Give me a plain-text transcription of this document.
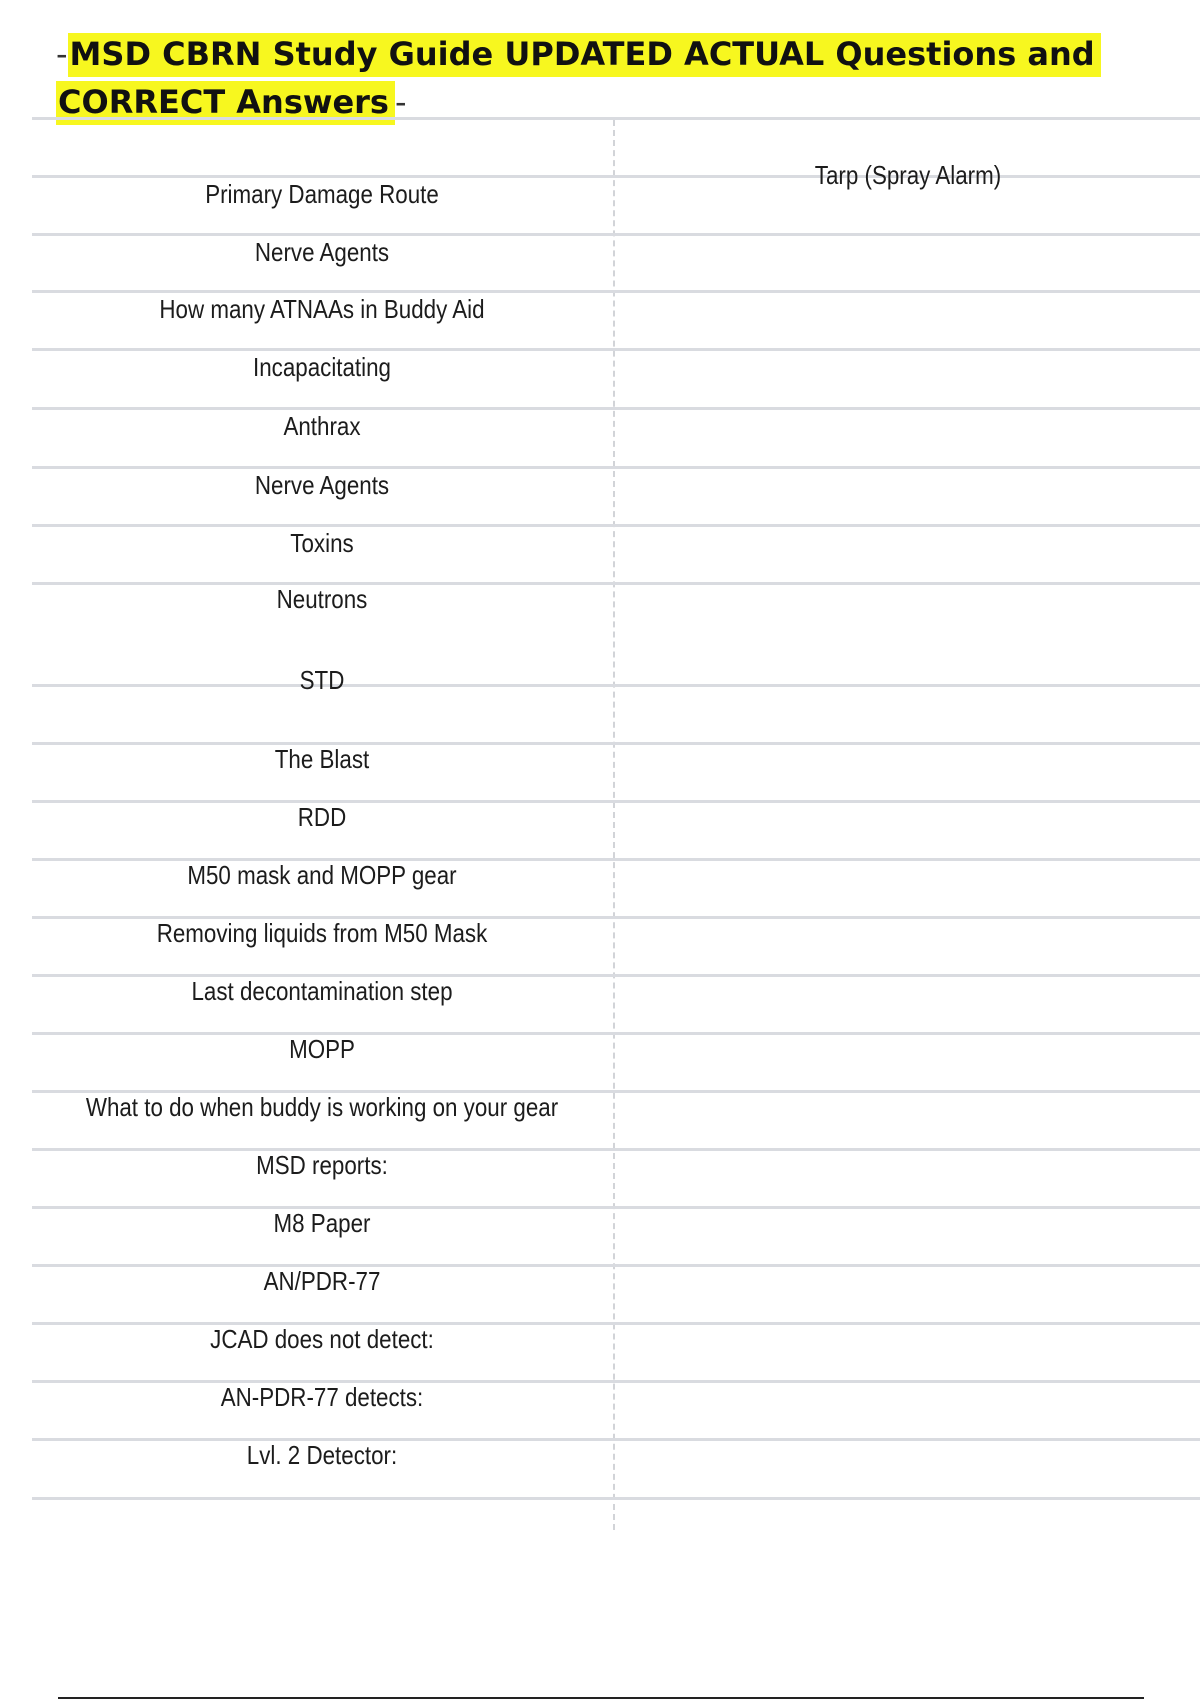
-MSD CBRN Study Guide UPDATED ACTUAL Questions and CORRECT Answers -
Tarp (Spray Alarm)
Primary Damage Route
Nerve Agents
How many ATNAAs in Buddy Aid
Incapacitating
Anthrax
Nerve Agents
Toxins
Neutrons
STD
The Blast
RDD
M50 mask and MOPP gear
Removing liquids from M50 Mask
Last decontamination step
MOPP
What to do when buddy is working on your gear
MSD reports:
M8 Paper
AN/PDR-77
JCAD does not detect:
AN-PDR-77 detects:
Lvl. 2 Detector:
